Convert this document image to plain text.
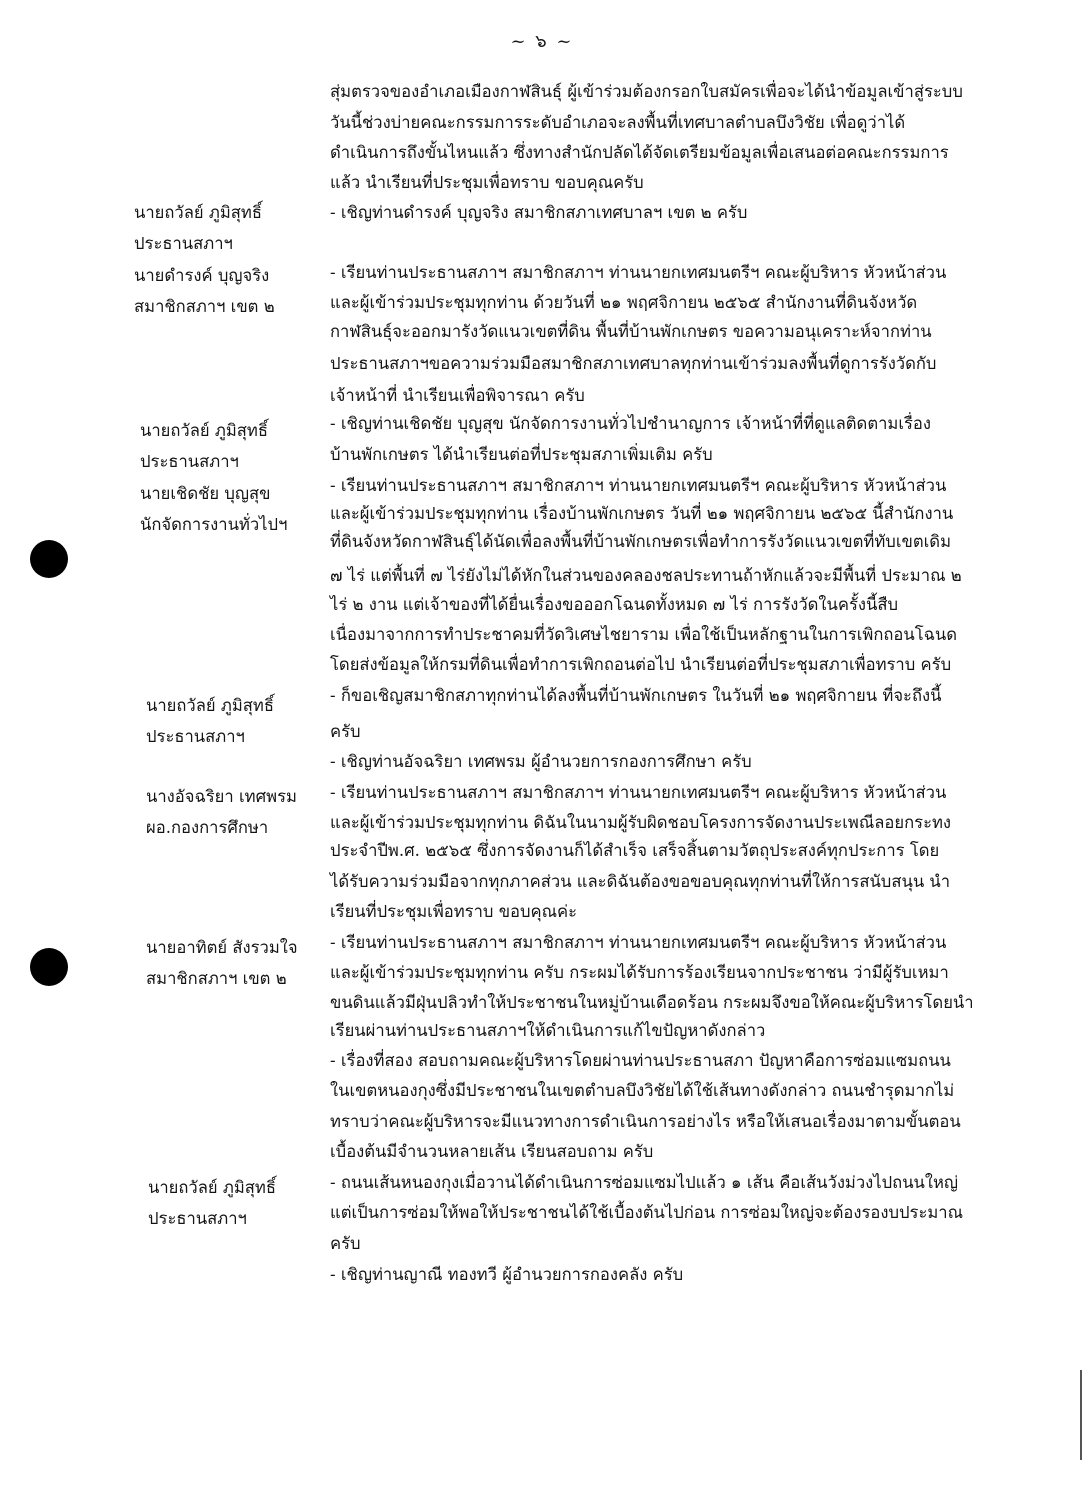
~ ๖ ~
นายถวัลย์ ภูมิสุทธิ์
ประธานสภาฯ
นายดำรงค์ บุญจริง
สมาชิกสภาฯ เขต ๒
นายถวัลย์ ภูมิสุทธิ์
ประธานสภาฯ
นายเชิดชัย บุญสุข
นักจัดการงานทั่วไปฯ
นายถวัลย์ ภูมิสุทธิ์
ประธานสภาฯ
นางอัจฉริยา เทศพรม
ผอ.กองการศึกษา
นายอาทิตย์ สังรวมใจ
สมาชิกสภาฯ เขต ๒
นายถวัลย์ ภูมิสุทธิ์
ประธานสภาฯ
สุ่มตรวจของอำเภอเมืองกาฬสินธุ์ ผู้เข้าร่วมต้องกรอกใบสมัครเพื่อจะได้นำข้อมูลเข้าสู่ระบบ
วันนี้ช่วงบ่ายคณะกรรมการระดับอำเภอจะลงพื้นที่เทศบาลตำบลบึงวิชัย เพื่อดูว่าได้
ดำเนินการถึงขั้นไหนแล้ว ซึ่งทางสำนักปลัดได้จัดเตรียมข้อมูลเพื่อเสนอต่อคณะกรรมการ
แล้ว นำเรียนที่ประชุมเพื่อทราบ ขอบคุณครับ
- เชิญท่านดำรงค์ บุญจริง สมาชิกสภาเทศบาลฯ เขต ๒ ครับ
- เรียนท่านประธานสภาฯ สมาชิกสภาฯ ท่านนายกเทศมนตรีฯ คณะผู้บริหาร หัวหน้าส่วน
และผู้เข้าร่วมประชุมทุกท่าน ด้วยวันที่ ๒๑ พฤศจิกายน ๒๕๖๕ สำนักงานที่ดินจังหวัด
กาฬสินธุ์จะออกมารังวัดแนวเขตที่ดิน พื้นที่บ้านพักเกษตร ขอความอนุเคราะห์จากท่าน
ประธานสภาฯขอความร่วมมือสมาชิกสภาเทศบาลทุกท่านเข้าร่วมลงพื้นที่ดูการรังวัดกับ
เจ้าหน้าที่ นำเรียนเพื่อพิจารณา ครับ
- เชิญท่านเชิดชัย บุญสุข นักจัดการงานทั่วไปชำนาญการ เจ้าหน้าที่ที่ดูแลติดตามเรื่อง
บ้านพักเกษตร ได้นำเรียนต่อที่ประชุมสภาเพิ่มเติม ครับ
- เรียนท่านประธานสภาฯ สมาชิกสภาฯ ท่านนายกเทศมนตรีฯ คณะผู้บริหาร หัวหน้าส่วน
และผู้เข้าร่วมประชุมทุกท่าน เรื่องบ้านพักเกษตร วันที่ ๒๑ พฤศจิกายน ๒๕๖๕ นี้สำนักงาน
ที่ดินจังหวัดกาฬสินธุ์ได้นัดเพื่อลงพื้นที่บ้านพักเกษตรเพื่อทำการรังวัดแนวเขตที่ทับเขตเดิม
๗ ไร่ แต่พื้นที่ ๗ ไร่ยังไม่ได้หักในส่วนของคลองชลประทานถ้าหักแล้วจะมีพื้นที่ ประมาณ ๒
ไร่ ๒ งาน แต่เจ้าของที่ได้ยื่นเรื่องขอออกโฉนดทั้งหมด ๗ ไร่ การรังวัดในครั้งนี้สืบ
เนื่องมาจากการทำประชาคมที่วัดวิเศษไชยาราม เพื่อใช้เป็นหลักฐานในการเพิกถอนโฉนด
โดยส่งข้อมูลให้กรมที่ดินเพื่อทำการเพิกถอนต่อไป นำเรียนต่อที่ประชุมสภาเพื่อทราบ ครับ
- ก็ขอเชิญสมาชิกสภาทุกท่านได้ลงพื้นที่บ้านพักเกษตร ในวันที่ ๒๑ พฤศจิกายน ที่จะถึงนี้
ครับ
- เชิญท่านอัจฉริยา เทศพรม ผู้อำนวยการกองการศึกษา ครับ
- เรียนท่านประธานสภาฯ สมาชิกสภาฯ ท่านนายกเทศมนตรีฯ คณะผู้บริหาร หัวหน้าส่วน
และผู้เข้าร่วมประชุมทุกท่าน ดิฉันในนามผู้รับผิดชอบโครงการจัดงานประเพณีลอยกระทง
ประจำปีพ.ศ. ๒๕๖๕ ซึ่งการจัดงานก็ได้สำเร็จ เสร็จสิ้นตามวัตถุประสงค์ทุกประการ โดย
ได้รับความร่วมมือจากทุกภาคส่วน และดิฉันต้องขอขอบคุณทุกท่านที่ให้การสนับสนุน นำ
เรียนที่ประชุมเพื่อทราบ ขอบคุณค่ะ
- เรียนท่านประธานสภาฯ สมาชิกสภาฯ ท่านนายกเทศมนตรีฯ คณะผู้บริหาร หัวหน้าส่วน
และผู้เข้าร่วมประชุมทุกท่าน ครับ กระผมได้รับการร้องเรียนจากประชาชน ว่ามีผู้รับเหมา
ขนดินแล้วมีฝุ่นปลิวทำให้ประชาชนในหมู่บ้านเดือดร้อน กระผมจึงขอให้คณะผู้บริหารโดยนำ
เรียนผ่านท่านประธานสภาฯให้ดำเนินการแก้ไขปัญหาดังกล่าว
- เรื่องที่สอง สอบถามคณะผู้บริหารโดยผ่านท่านประธานสภา ปัญหาคือการซ่อมแซมถนน
ในเขตหนองกุงซึ่งมีประชาชนในเขตตำบลบึงวิชัยได้ใช้เส้นทางดังกล่าว ถนนชำรุดมากไม่
ทราบว่าคณะผู้บริหารจะมีแนวทางการดำเนินการอย่างไร หรือให้เสนอเรื่องมาตามขั้นตอน
เบื้องต้นมีจำนวนหลายเส้น เรียนสอบถาม ครับ
- ถนนเส้นหนองกุงเมื่อวานได้ดำเนินการซ่อมแซมไปแล้ว ๑ เส้น คือเส้นวังม่วงไปถนนใหญ่
แต่เป็นการซ่อมให้พอให้ประชาชนได้ใช้เบื้องต้นไปก่อน การซ่อมใหญ่จะต้องรองบประมาณ
ครับ
- เชิญท่านญาณี ทองทวี ผู้อำนวยการกองคลัง ครับ
